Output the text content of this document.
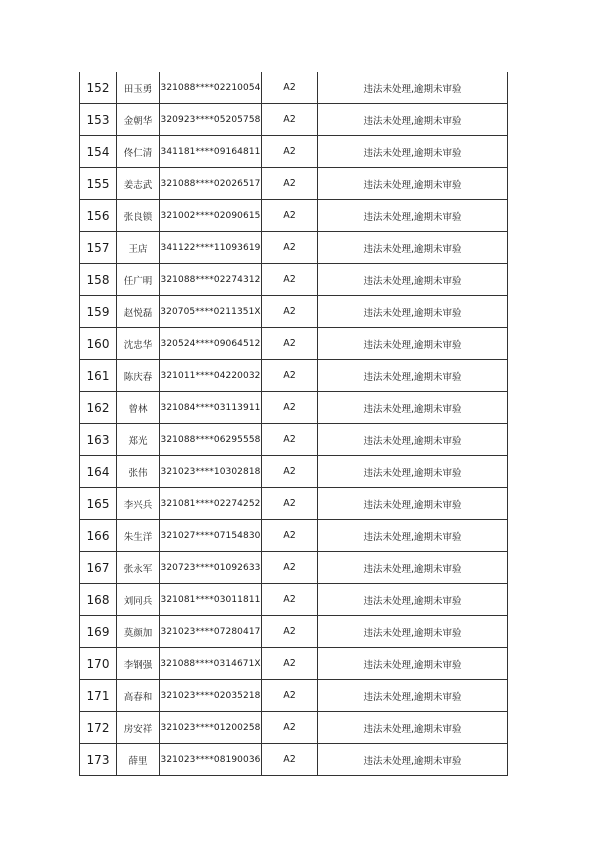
152	田玉勇	321088****02210054	A2	违法未处理,逾期未审验
153	金朝华	320923****05205758	A2	违法未处理,逾期未审验
154	佟仁清	341181****09164811	A2	违法未处理,逾期未审验
155	姜志武	321088****02026517	A2	违法未处理,逾期未审验
156	张良锁	321002****02090615	A2	违法未处理,逾期未审验
157	王店	341122****11093619	A2	违法未处理,逾期未审验
158	任广明	321088****02274312	A2	违法未处理,逾期未审验
159	赵悦磊	320705****0211351X	A2	违法未处理,逾期未审验
160	沈忠华	320524****09064512	A2	违法未处理,逾期未审验
161	陈庆春	321011****04220032	A2	违法未处理,逾期未审验
162	曾林	321084****03113911	A2	违法未处理,逾期未审验
163	郑光	321088****06295558	A2	违法未处理,逾期未审验
164	张伟	321023****10302818	A2	违法未处理,逾期未审验
165	李兴兵	321081****02274252	A2	违法未处理,逾期未审验
166	朱生洋	321027****07154830	A2	违法未处理,逾期未审验
167	张永军	320723****01092633	A2	违法未处理,逾期未审验
168	刘同兵	321081****03011811	A2	违法未处理,逾期未审验
169	莫颜加	321023****07280417	A2	违法未处理,逾期未审验
170	李钢强	321088****0314671X	A2	违法未处理,逾期未审验
171	高春和	321023****02035218	A2	违法未处理,逾期未审验
172	房安祥	321023****01200258	A2	违法未处理,逾期未审验
173	薛里	321023****08190036	A2	违法未处理,逾期未审验
